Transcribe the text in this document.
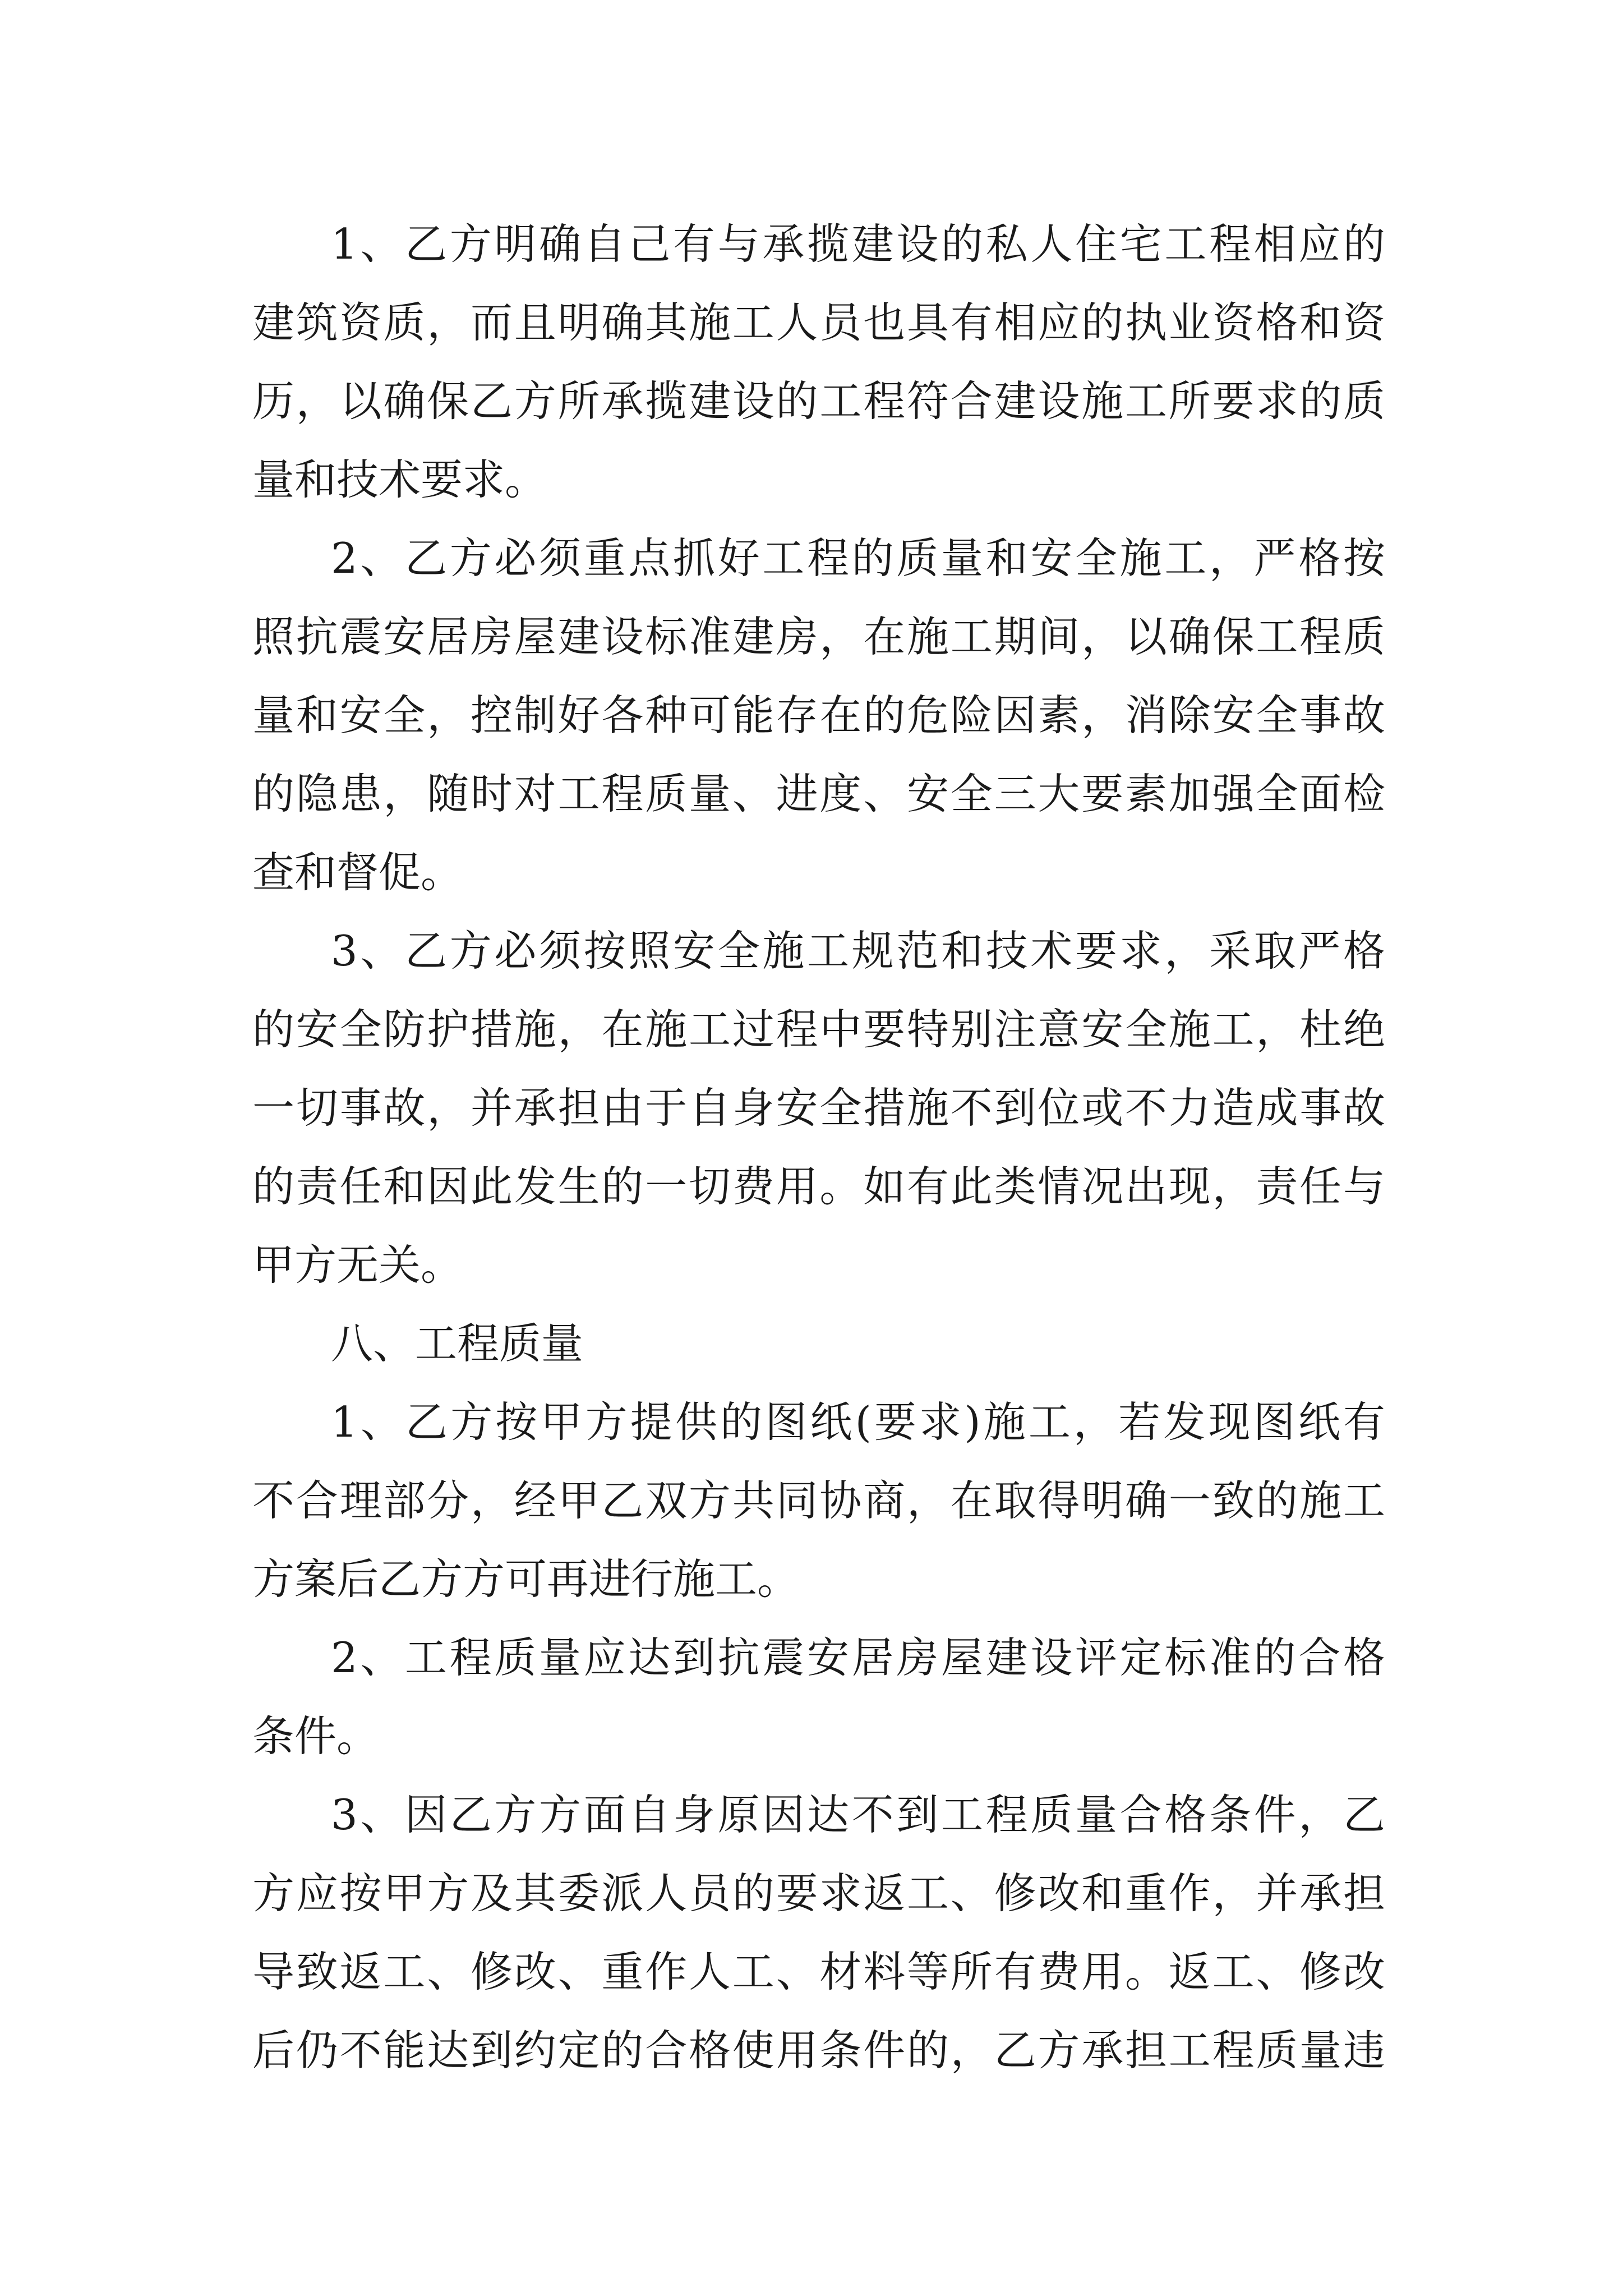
1、乙方明确自己有与承揽建设的私人住宅工程相应的

建筑资质，而且明确其施工人员也具有相应的执业资格和资

历，以确保乙方所承揽建设的工程符合建设施工所要求的质

量和技术要求。

2、乙方必须重点抓好工程的质量和安全施工，严格按

照抗震安居房屋建设标准建房，在施工期间，以确保工程质

量和安全，控制好各种可能存在的危险因素，消除安全事故

的隐患，随时对工程质量、进度、安全三大要素加强全面检

查和督促。

3、乙方必须按照安全施工规范和技术要求，采取严格

的安全防护措施，在施工过程中要特别注意安全施工，杜绝

一切事故，并承担由于自身安全措施不到位或不力造成事故

的责任和因此发生的一切费用。如有此类情况出现，责任与

甲方无关。

八、工程质量

1、乙方按甲方提供的图纸(要求)施工，若发现图纸有

不合理部分，经甲乙双方共同协商，在取得明确一致的施工

方案后乙方方可再进行施工。

2、工程质量应达到抗震安居房屋建设评定标准的合格

条件。

3、因乙方方面自身原因达不到工程质量合格条件，乙

方应按甲方及其委派人员的要求返工、修改和重作，并承担

导致返工、修改、重作人工、材料等所有费用。返工、修改

后仍不能达到约定的合格使用条件的，乙方承担工程质量违
